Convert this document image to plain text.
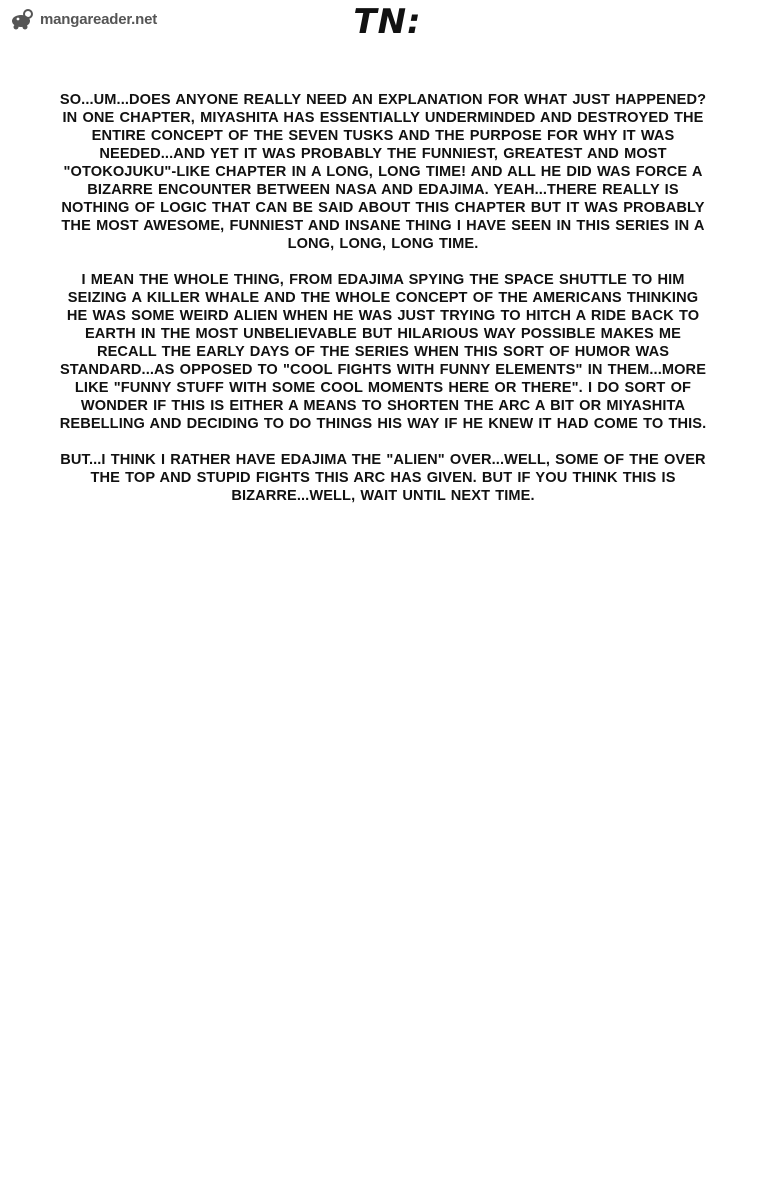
mangareader.net	TN:

SO...UM...DOES ANYONE REALLY NEED AN EXPLANATION FOR WHAT JUST HAPPENED? IN ONE CHAPTER, MIYASHITA HAS ESSENTIALLY UNDERMINDED AND DESTROYED THE ENTIRE CONCEPT OF THE SEVEN TUSKS AND THE PURPOSE FOR WHY IT WAS NEEDED...AND YET IT WAS PROBABLY THE FUNNIEST, GREATEST AND MOST "OTOKOJUKU"-LIKE CHAPTER IN A LONG, LONG TIME! AND ALL HE DID WAS FORCE A BIZARRE ENCOUNTER BETWEEN NASA AND EDAJIMA. YEAH...THERE REALLY IS NOTHING OF LOGIC THAT CAN BE SAID ABOUT THIS CHAPTER BUT IT WAS PROBABLY THE MOST AWESOME, FUNNIEST AND INSANE THING I HAVE SEEN IN THIS SERIES IN A LONG, LONG, LONG TIME.

I MEAN THE WHOLE THING, FROM EDAJIMA SPYING THE SPACE SHUTTLE TO HIM SEIZING A KILLER WHALE AND THE WHOLE CONCEPT OF THE AMERICANS THINKING HE WAS SOME WEIRD ALIEN WHEN HE WAS JUST TRYING TO HITCH A RIDE BACK TO EARTH IN THE MOST UNBELIEVABLE BUT HILARIOUS WAY POSSIBLE MAKES ME RECALL THE EARLY DAYS OF THE SERIES WHEN THIS SORT OF HUMOR WAS STANDARD...AS OPPOSED TO "COOL FIGHTS WITH FUNNY ELEMENTS" IN THEM...MORE LIKE "FUNNY STUFF WITH SOME COOL MOMENTS HERE OR THERE". I DO SORT OF WONDER IF THIS IS EITHER A MEANS TO SHORTEN THE ARC A BIT OR MIYASHITA REBELLING AND DECIDING TO DO THINGS HIS WAY IF HE KNEW IT HAD COME TO THIS.

BUT...I THINK I RATHER HAVE EDAJIMA THE "ALIEN" OVER...WELL, SOME OF THE OVER THE TOP AND STUPID FIGHTS THIS ARC HAS GIVEN. BUT IF YOU THINK THIS IS BIZARRE...WELL, WAIT UNTIL NEXT TIME.
